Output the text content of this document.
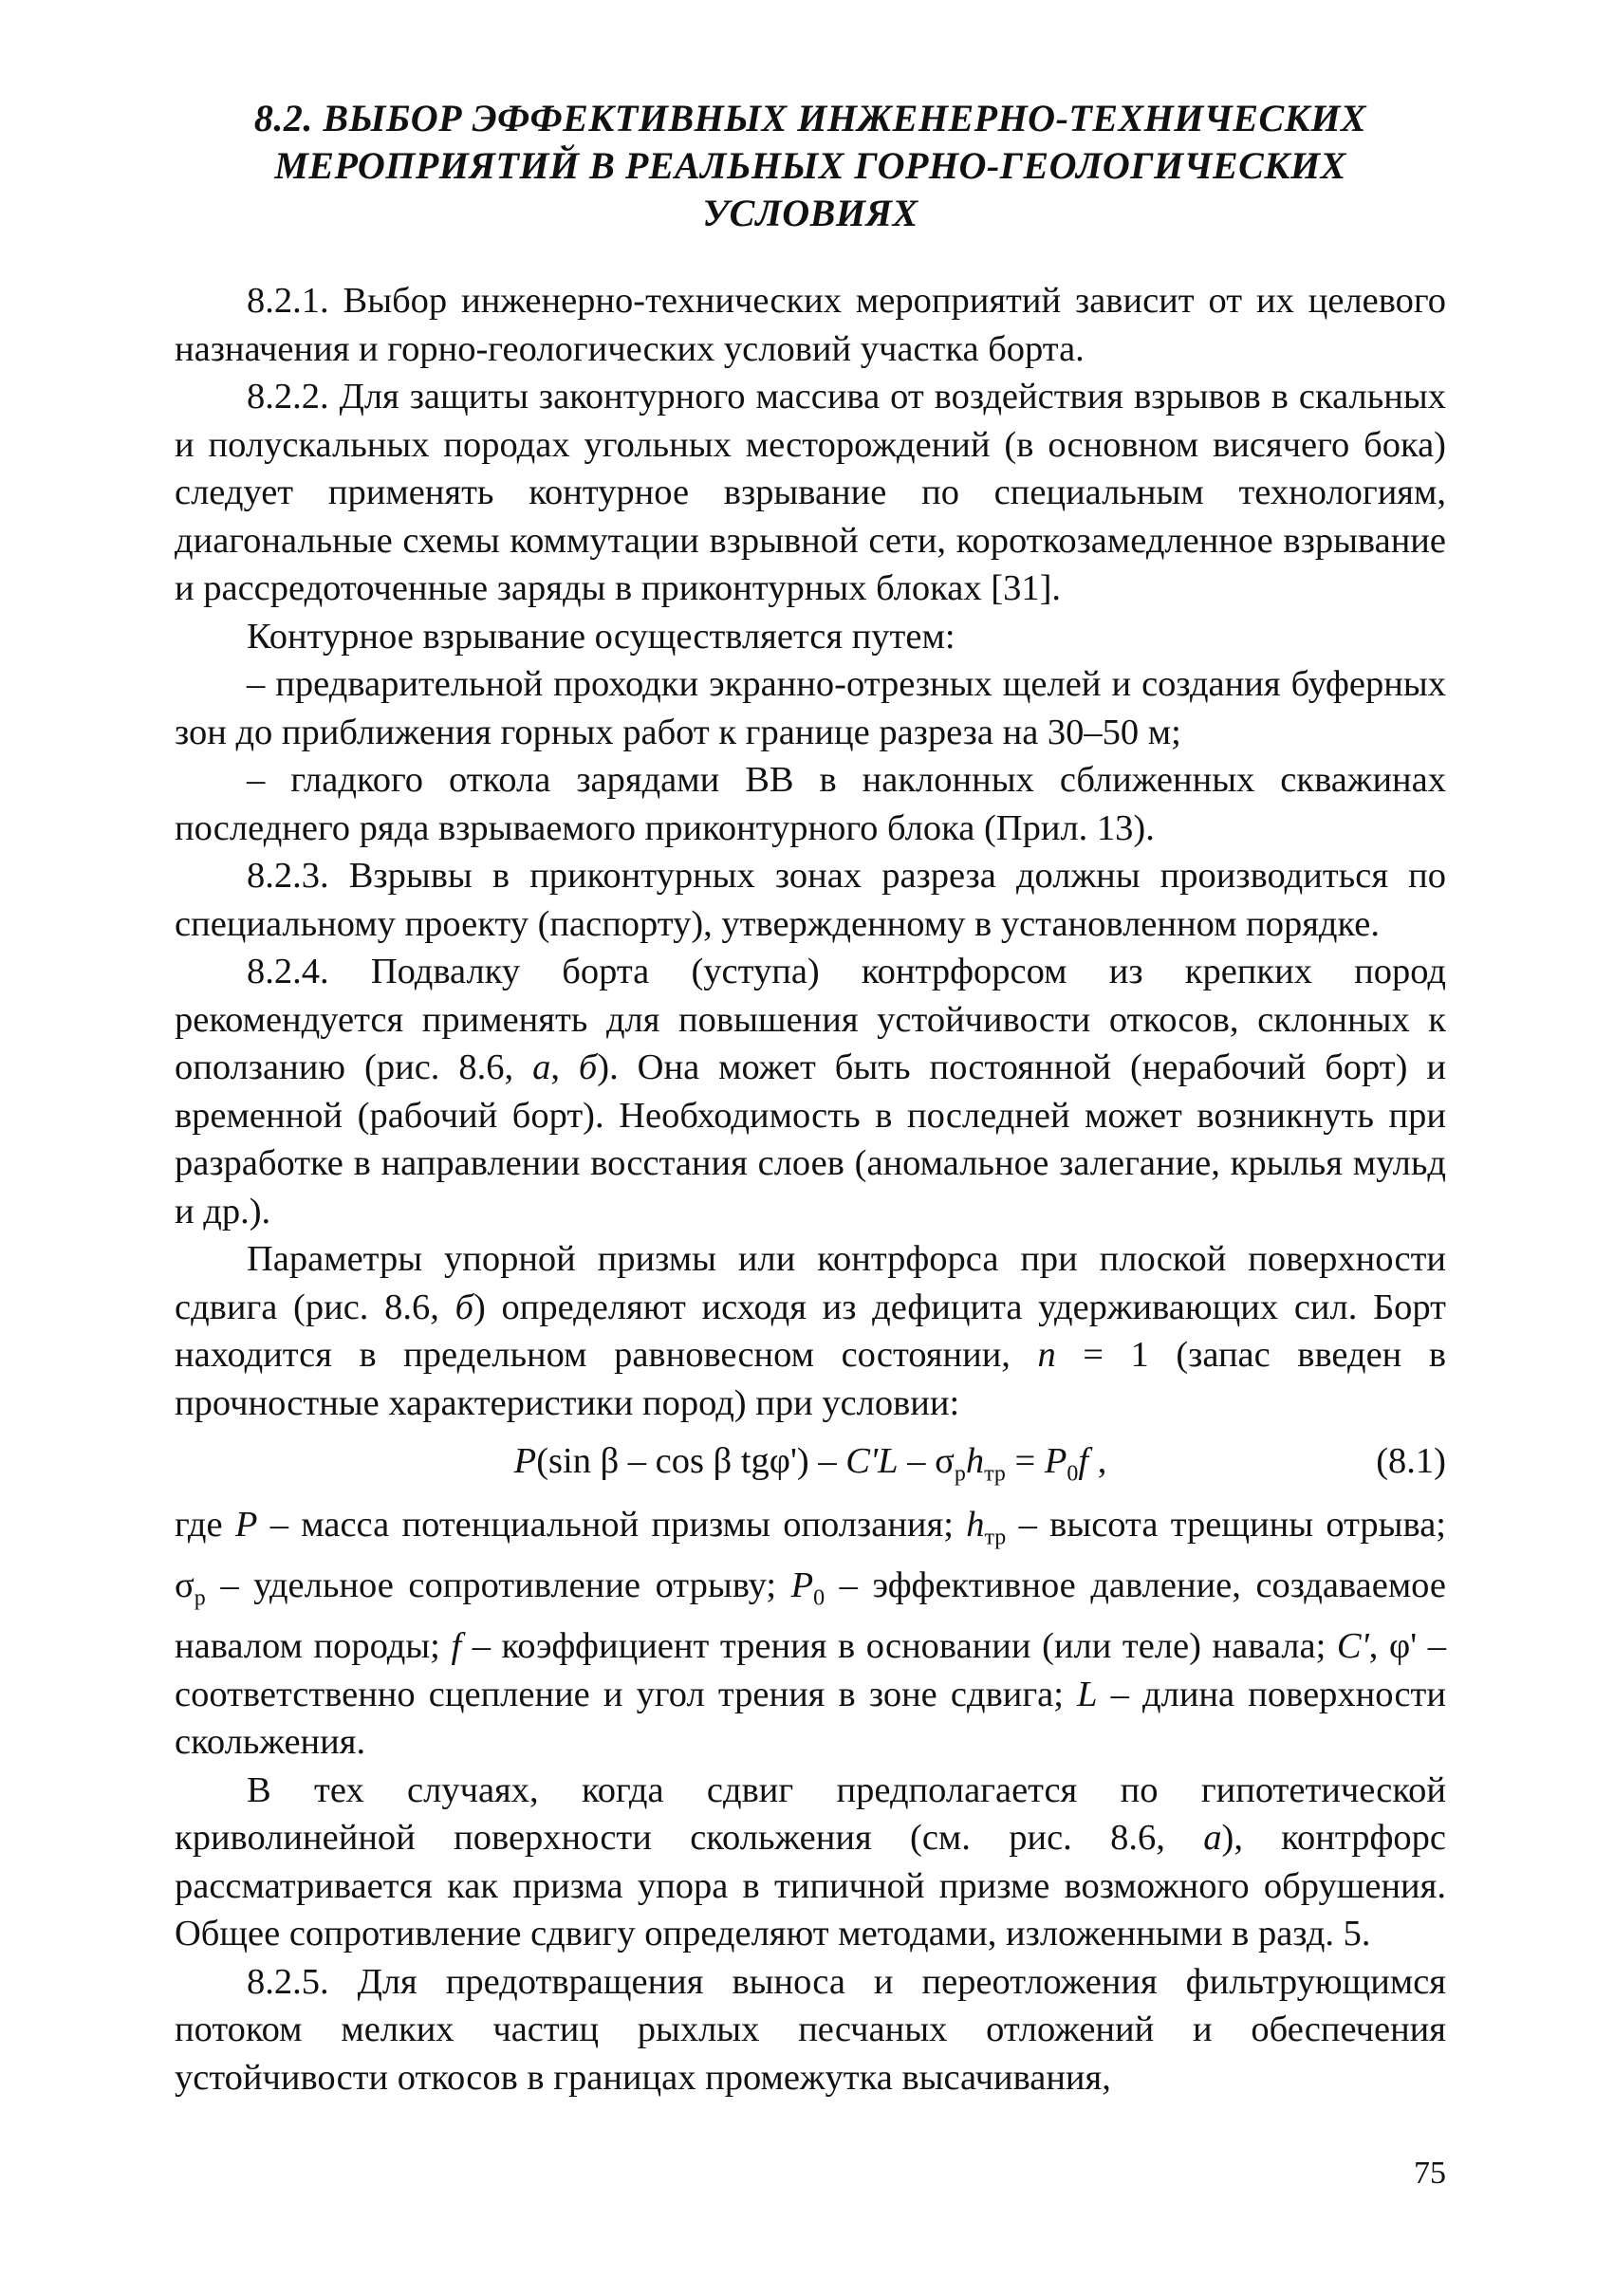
8.2. ВЫБОР ЭФФЕКТИВНЫХ ИНЖЕНЕРНО-ТЕХНИЧЕСКИХ
МЕРОПРИЯТИЙ В РЕАЛЬНЫХ ГОРНО-ГЕОЛОГИЧЕСКИХ
УСЛОВИЯХ

8.2.1. Выбор инженерно-технических мероприятий зависит от их целевого назначения и горно-геологических условий участка борта.

8.2.2. Для защиты законтурного массива от воздействия взрывов в скальных и полускальных породах угольных месторождений (в основном висячего бока) следует применять контурное взрывание по специальным технологиям, диагональные схемы коммутации взрывной сети, короткозамедленное взрывание и рассредоточенные заряды в приконтурных блоках [31].

Контурное взрывание осуществляется путем:

– предварительной проходки экранно-отрезных щелей и создания буферных зон до приближения горных работ к границе разреза на 30–50 м;

– гладкого откола зарядами ВВ в наклонных сближенных скважинах последнего ряда взрываемого приконтурного блока (Прил. 13).

8.2.3. Взрывы в приконтурных зонах разреза должны производиться по специальному проекту (паспорту), утвержденному в установленном порядке.

8.2.4. Подвалку борта (уступа) контрфорсом из крепких пород рекомендуется применять для повышения устойчивости откосов, склонных к оползанию (рис. 8.6, а, б). Она может быть постоянной (нерабочий борт) и временной (рабочий борт). Необходимость в последней может возникнуть при разработке в направлении восстания слоев (аномальное залегание, крылья мульд и др.).

Параметры упорной призмы или контрфорса при плоской поверхности сдвига (рис. 8.6, б) определяют исходя из дефицита удерживающих сил. Борт находится в предельном равновесном состоянии, n = 1 (запас введен в прочностные характеристики пород) при условии:

P(sin β – cos β $tg\varphi') - C'L - \sigma_рh_{тр} = P_0f$ ,	(8.1)

где P – масса потенциальной призмы оползания; $h_{тр}$ – высота трещины отрыва; $\sigma_р$ – удельное сопротивление отрыву; $P_0$ – эффективное давление, создаваемое навалом породы; f – коэффициент трения в основании (или теле) навала; C', φ' – соответственно сцепление и угол трения в зоне сдвига; L – длина поверхности скольжения.

В тех случаях, когда сдвиг предполагается по гипотетической криволинейной поверхности скольжения (см. рис. 8.6, а), контрфорс рассматривается как призма упора в типичной призме возможного обрушения. Общее сопротивление сдвигу определяют методами, изложенными в разд. 5.

8.2.5. Для предотвращения выноса и переотложения фильтрующимся потоком мелких частиц рыхлых песчаных отложений и обеспечения устойчивости откосов в границах промежутка высачивания,

75
